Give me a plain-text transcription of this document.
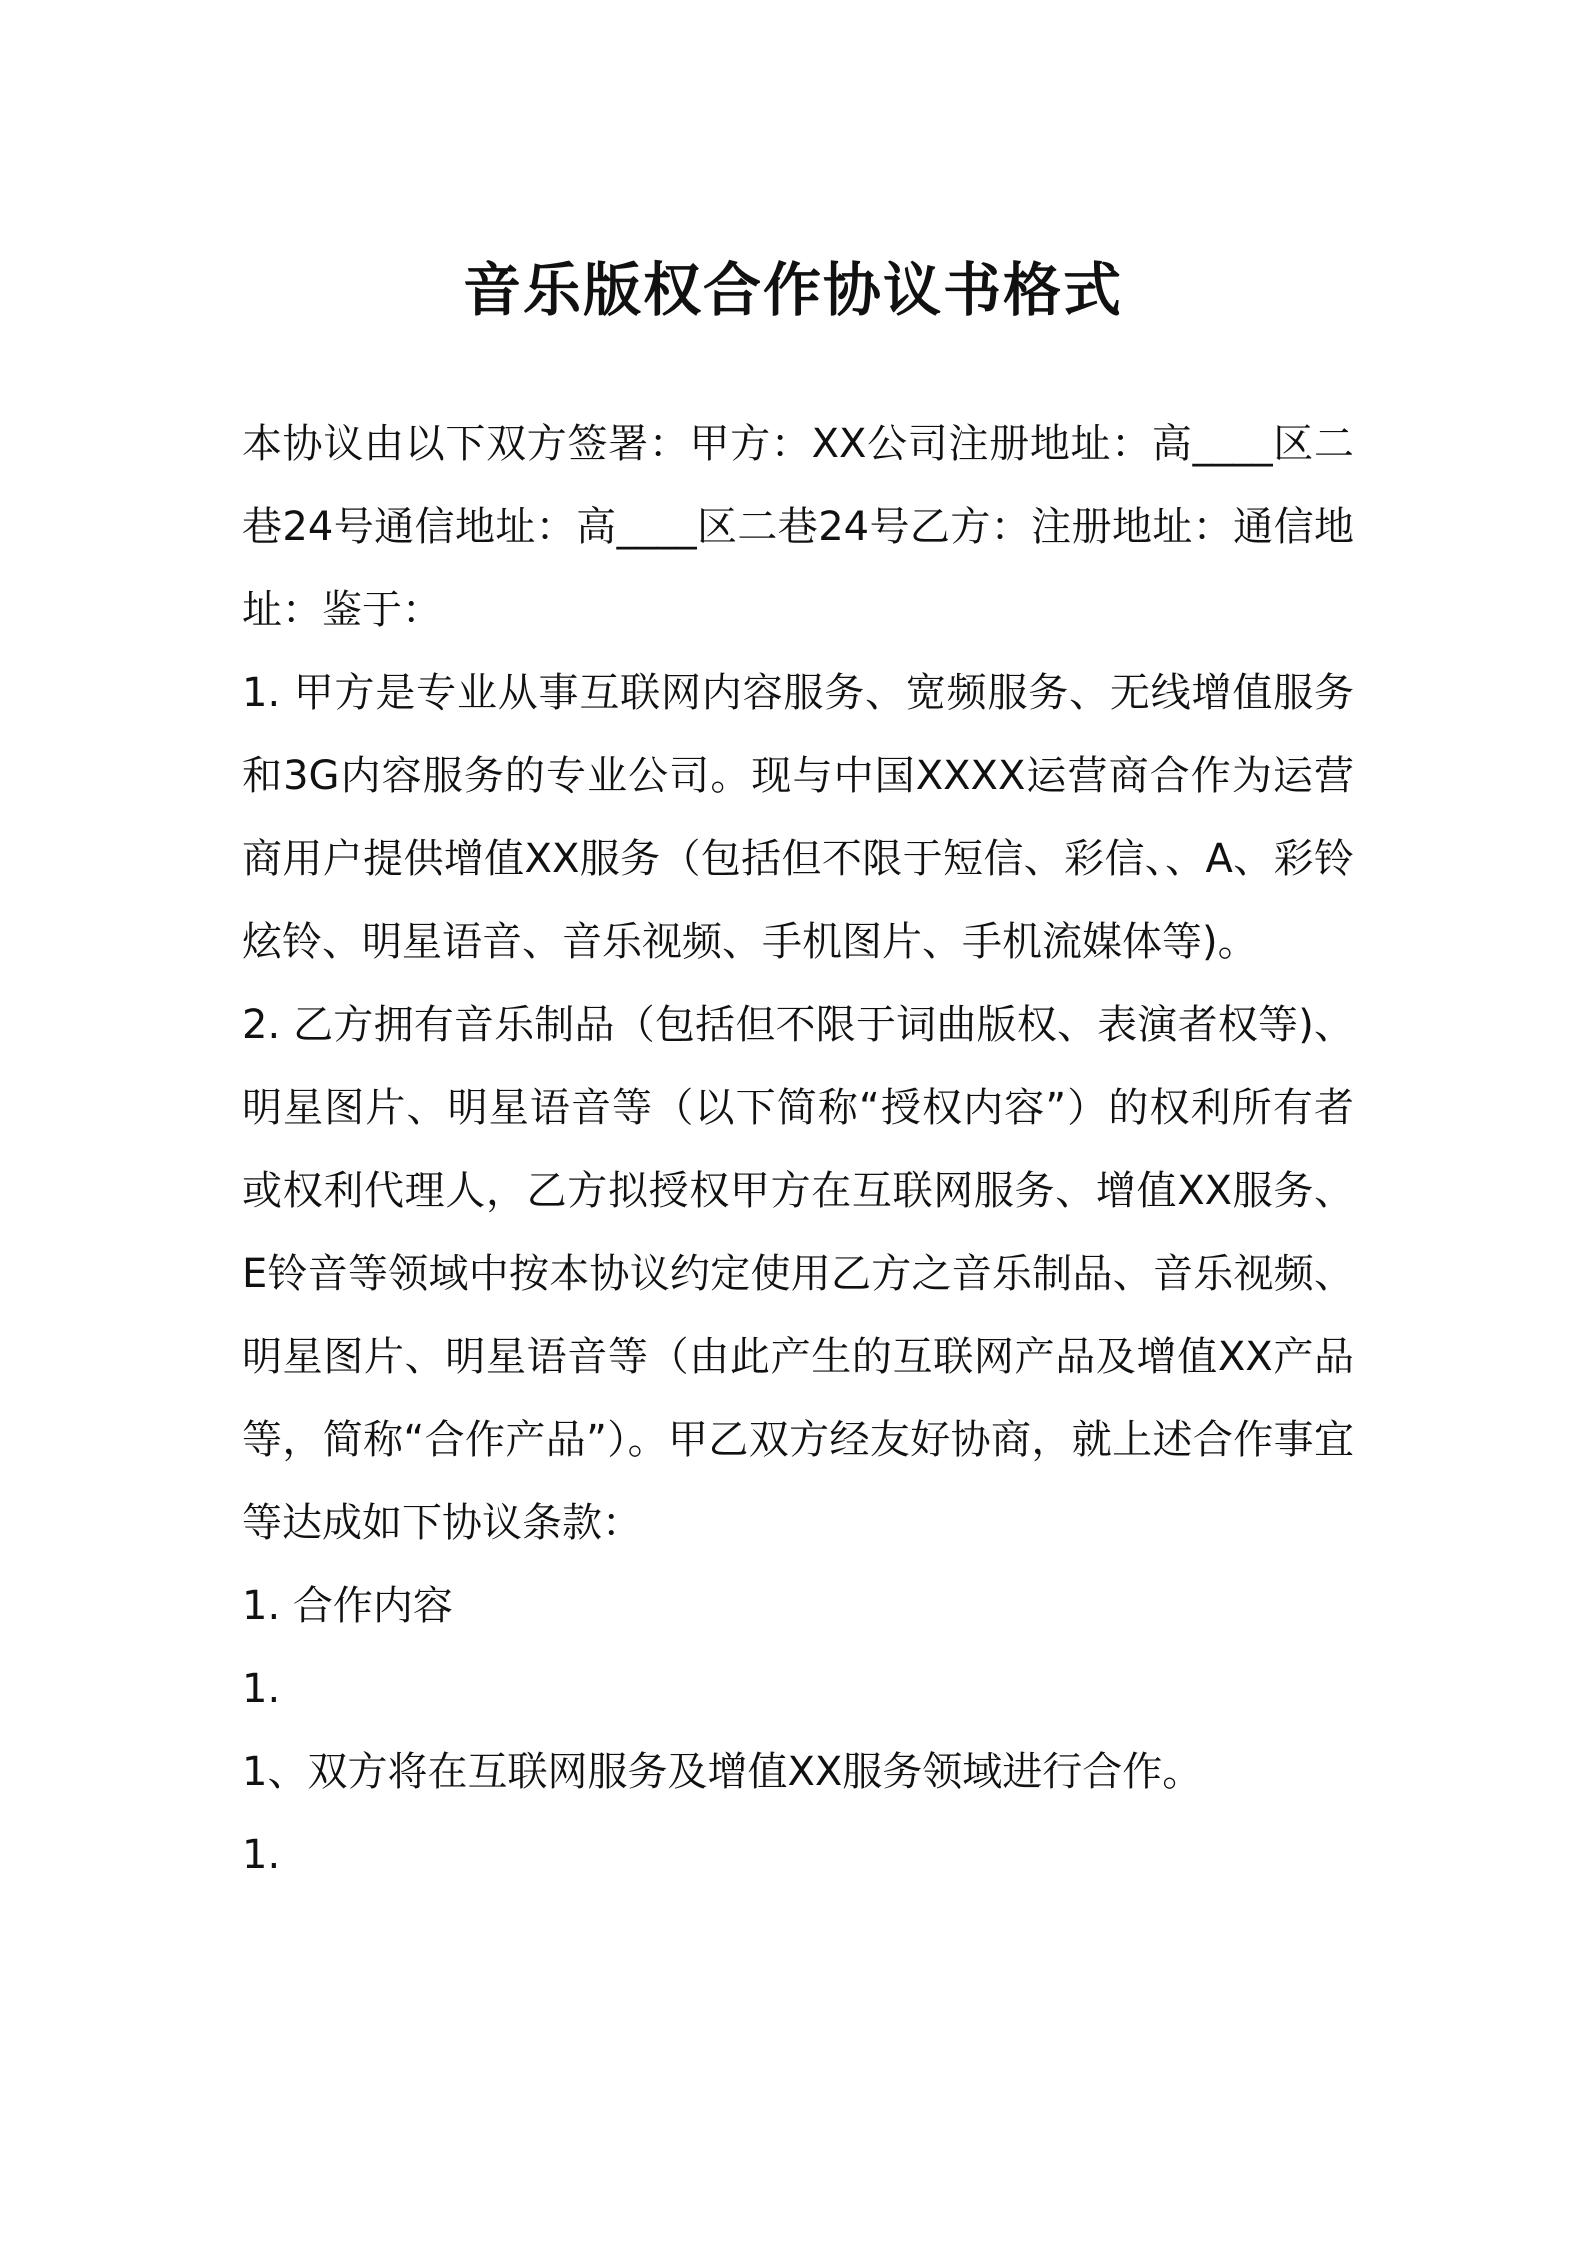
音乐版权合作协议书格式

本协议由以下双方签署：甲方：XX公司注册地址：高____区二巷24号通信地址：高____区二巷24号乙方：注册地址：通信地址：鉴于：

1. 甲方是专业从事互联网内容服务、宽频服务、无线增值服务和3G内容服务的专业公司。现与中国XXXX运营商合作为运营商用户提供增值XX服务（包括但不限于短信、彩信、、A、彩铃炫铃、明星语音、音乐视频、手机图片、手机流媒体等)。

2. 乙方拥有音乐制品（包括但不限于词曲版权、表演者权等)、明星图片、明星语音等（以下简称“授权内容”）的权利所有者或权利代理人，乙方拟授权甲方在互联网服务、增值XX服务、E铃音等领域中按本协议约定使用乙方之音乐制品、音乐视频、明星图片、明星语音等（由此产生的互联网产品及增值XX产品等，简称“合作产品”）。甲乙双方经友好协商，就上述合作事宜等达成如下协议条款：

1. 合作内容

1.

1、双方将在互联网服务及增值XX服务领域进行合作。

1.
